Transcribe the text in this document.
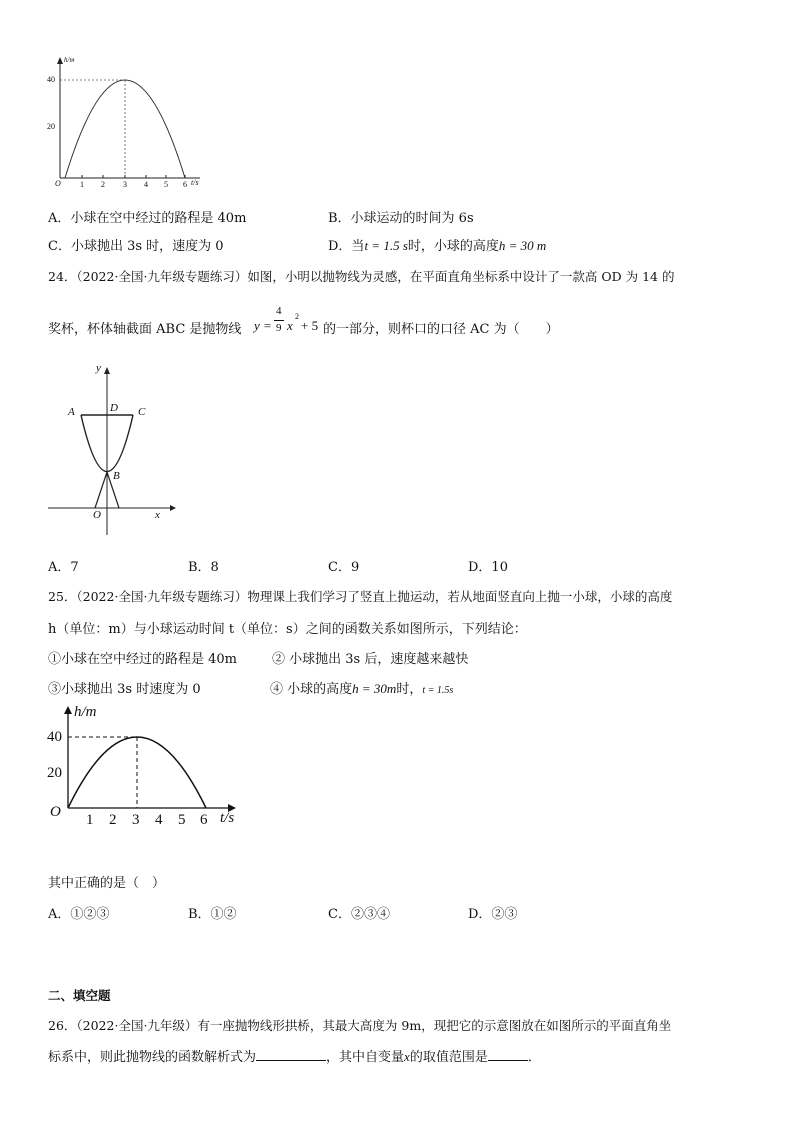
h/m
40
20
O 1 2 3 4 5 6 t/s
A．小球在空中经过的路程是 40m	B．小球运动的时间为 6s
C．小球抛出 3s 时，速度为 0	D．当t = 1.5 s时，小球的高度h = 30 m
24．（2022·全国·九年级专题练习）如图，小明以抛物线为灵感，在平面直角坐标系中设计了一款高 OD 为 14 的
奖杯，杯体轴截面 ABC 是抛物线 y =
4
9 x
2
+ 5 的一部分，则杯口的口径 AC 为（　　）
y
A	D C
B
O	x
A．7	B．8	C．9	D．10
25．（2022·全国·九年级专题练习）物理课上我们学习了竖直上抛运动，若从地面竖直向上抛一小球，小球的高度
h（单位：m）与小球运动时间 t（单位：s）之间的函数关系如图所示，下列结论：
①小球在空中经过的路程是 40m	② 小球抛出 3s 后，速度越来越快
③小球抛出 3s 时速度为 0	④ 小球的高度h = 30m时，t = 1.5s
h/m
40
20
O 1 2 3 4 5 6 t/s
其中正确的是（　）
A．①②③	B．①②	C．②③④	D．②③
二、填空题
26．（2022·全国·九年级）有一座抛物线形拱桥，其最大高度为 9m，现把它的示意图放在如图所示的平面直角坐
标系中，则此抛物线的函数解析式为	，其中自变量x的取值范围是	．
